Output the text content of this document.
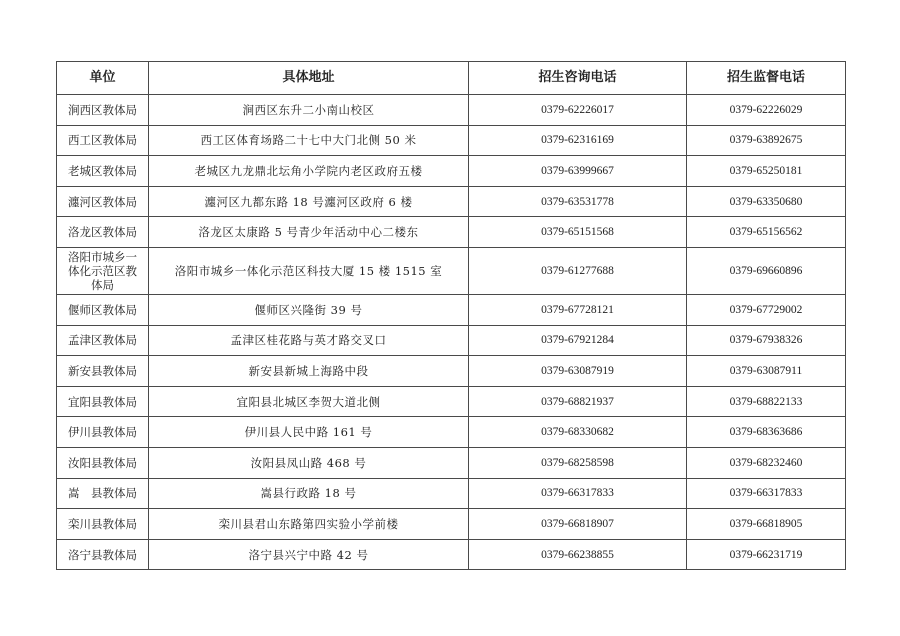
单位	具体地址	招生咨询电话	招生监督电话
涧西区教体局	涧西区东升二小南山校区	0379-62226017	0379-62226029
西工区教体局	西工区体育场路二十七中大门北侧 50 米	0379-62316169	0379-63892675
老城区教体局	老城区九龙鼎北坛角小学院内老区政府五楼	0379-63999667	0379-65250181
瀍河区教体局	瀍河区九都东路 18 号瀍河区政府 6 楼	0379-63531778	0379-63350680
洛龙区教体局	洛龙区太康路 5 号青少年活动中心二楼东	0379-65151568	0379-65156562

洛阳市城乡一体化示范区教体局	洛阳市城乡一体化示范区科技大厦 15 楼 1515 室	0379-61277688	0379-69660896
偃师区教体局	偃师区兴隆街 39 号	0379-67728121	0379-67729002
孟津区教体局	孟津区桂花路与英才路交叉口	0379-67921284	0379-67938326
新安县教体局	新安县新城上海路中段	0379-63087919	0379-63087911
宜阳县教体局	宜阳县北城区李贺大道北侧	0379-68821937	0379-68822133
伊川县教体局	伊川县人民中路 161 号	0379-68330682	0379-68363686
汝阳县教体局	汝阳县凤山路 468 号	0379-68258598	0379-68232460
嵩　县教体局	嵩县行政路 18 号	0379-66317833	0379-66317833
栾川县教体局	栾川县君山东路第四实验小学前楼	0379-66818907	0379-66818905
洛宁县教体局	洛宁县兴宁中路 42 号	0379-66238855	0379-66231719
